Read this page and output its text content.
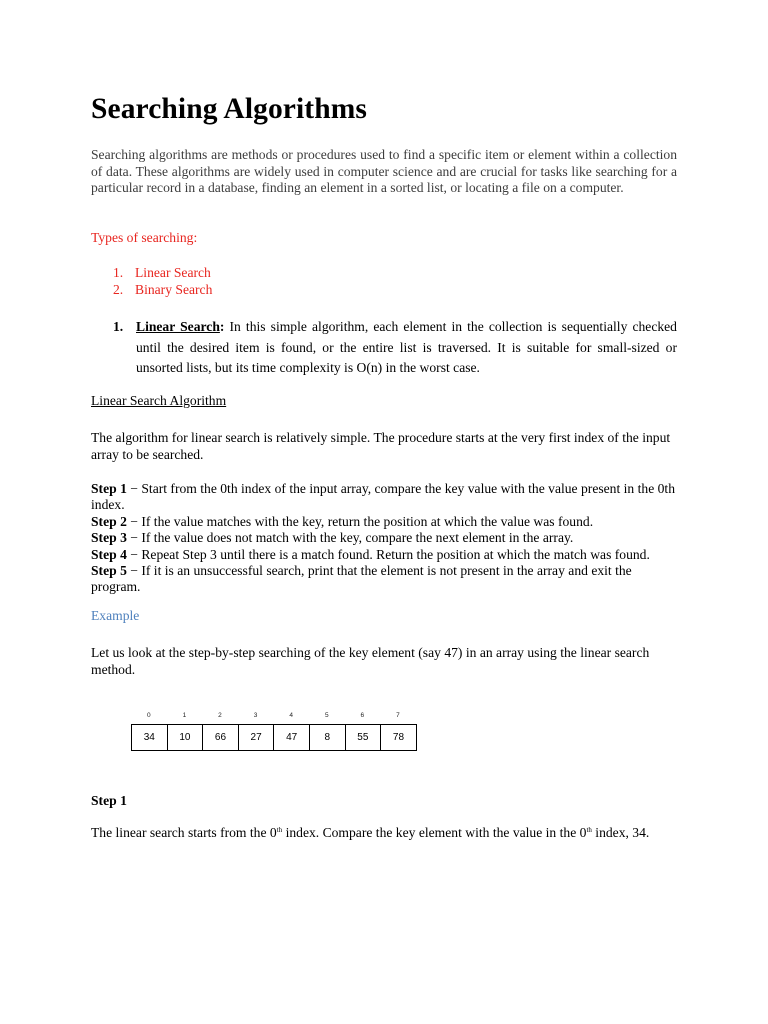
Searching Algorithms

Searching algorithms are methods or procedures used to find a specific item or element within a collection of data. These algorithms are widely used in computer science and are crucial for tasks like searching for a particular record in a database, finding an element in a sorted list, or locating a file on a computer.

Types of searching:

1. Linear Search
2. Binary Search
1. Linear Search: In this simple algorithm, each element in the collection is sequentially checked until the desired item is found, or the entire list is traversed. It is suitable for small-sized or unsorted lists, but its time complexity is O(n) in the worst case.

Linear Search Algorithm

The algorithm for linear search is relatively simple. The procedure starts at the very first index of the input array to be searched.

Step 1 − Start from the 0th index of the input array, compare the key value with the value present in the 0th index.
Step 2 − If the value matches with the key, return the position at which the value was found.
Step 3 − If the value does not match with the key, compare the next element in the array.
Step 4 − Repeat Step 3 until there is a match found. Return the position at which the match was found.
Step 5 − If it is an unsuccessful search, print that the element is not present in the array and exit the program.

Example

Let us look at the step-by-step searching of the key element (say 47) in an array using the linear search method.

0	1	2	3	4	5	6	7
34	10	66	27	47	8	55	78

Step 1

The linear search starts from the 0th index. Compare the key element with the value in the 0th index, 34.
